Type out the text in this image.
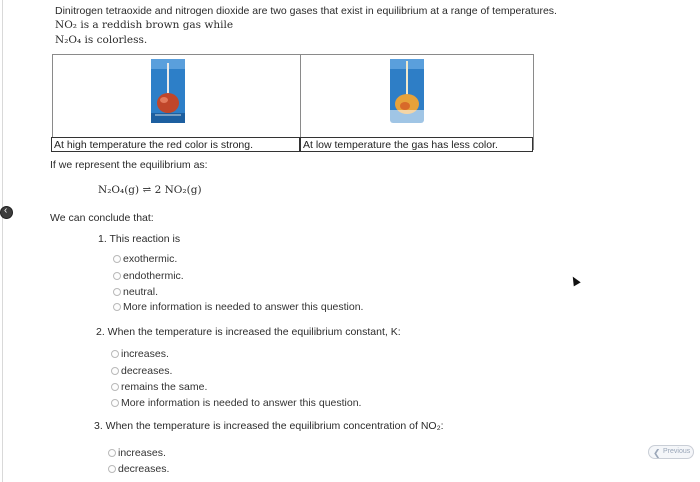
‹
Dinitrogen tetraoxide and nitrogen dioxide are two gases that exist in equilibrium at a range of temperatures.
NO₂ is a reddish brown gas while
N₂O₄ is colorless.
At high temperature the red color is strong.	At low temperature the gas has less color.
If we represent the equilibrium as:
N₂O₄(g) ⇌ 2 NO₂(g)
We can conclude that:
1. This reaction is
exothermic.
endothermic.
neutral.
More information is needed to answer this question.
2. When the temperature is increased the equilibrium constant, K:
increases.
decreases.
remains the same.
More information is needed to answer this question.
3. When the temperature is increased the equilibrium concentration of NO₂:
increases.
decreases.
❮ Previous
